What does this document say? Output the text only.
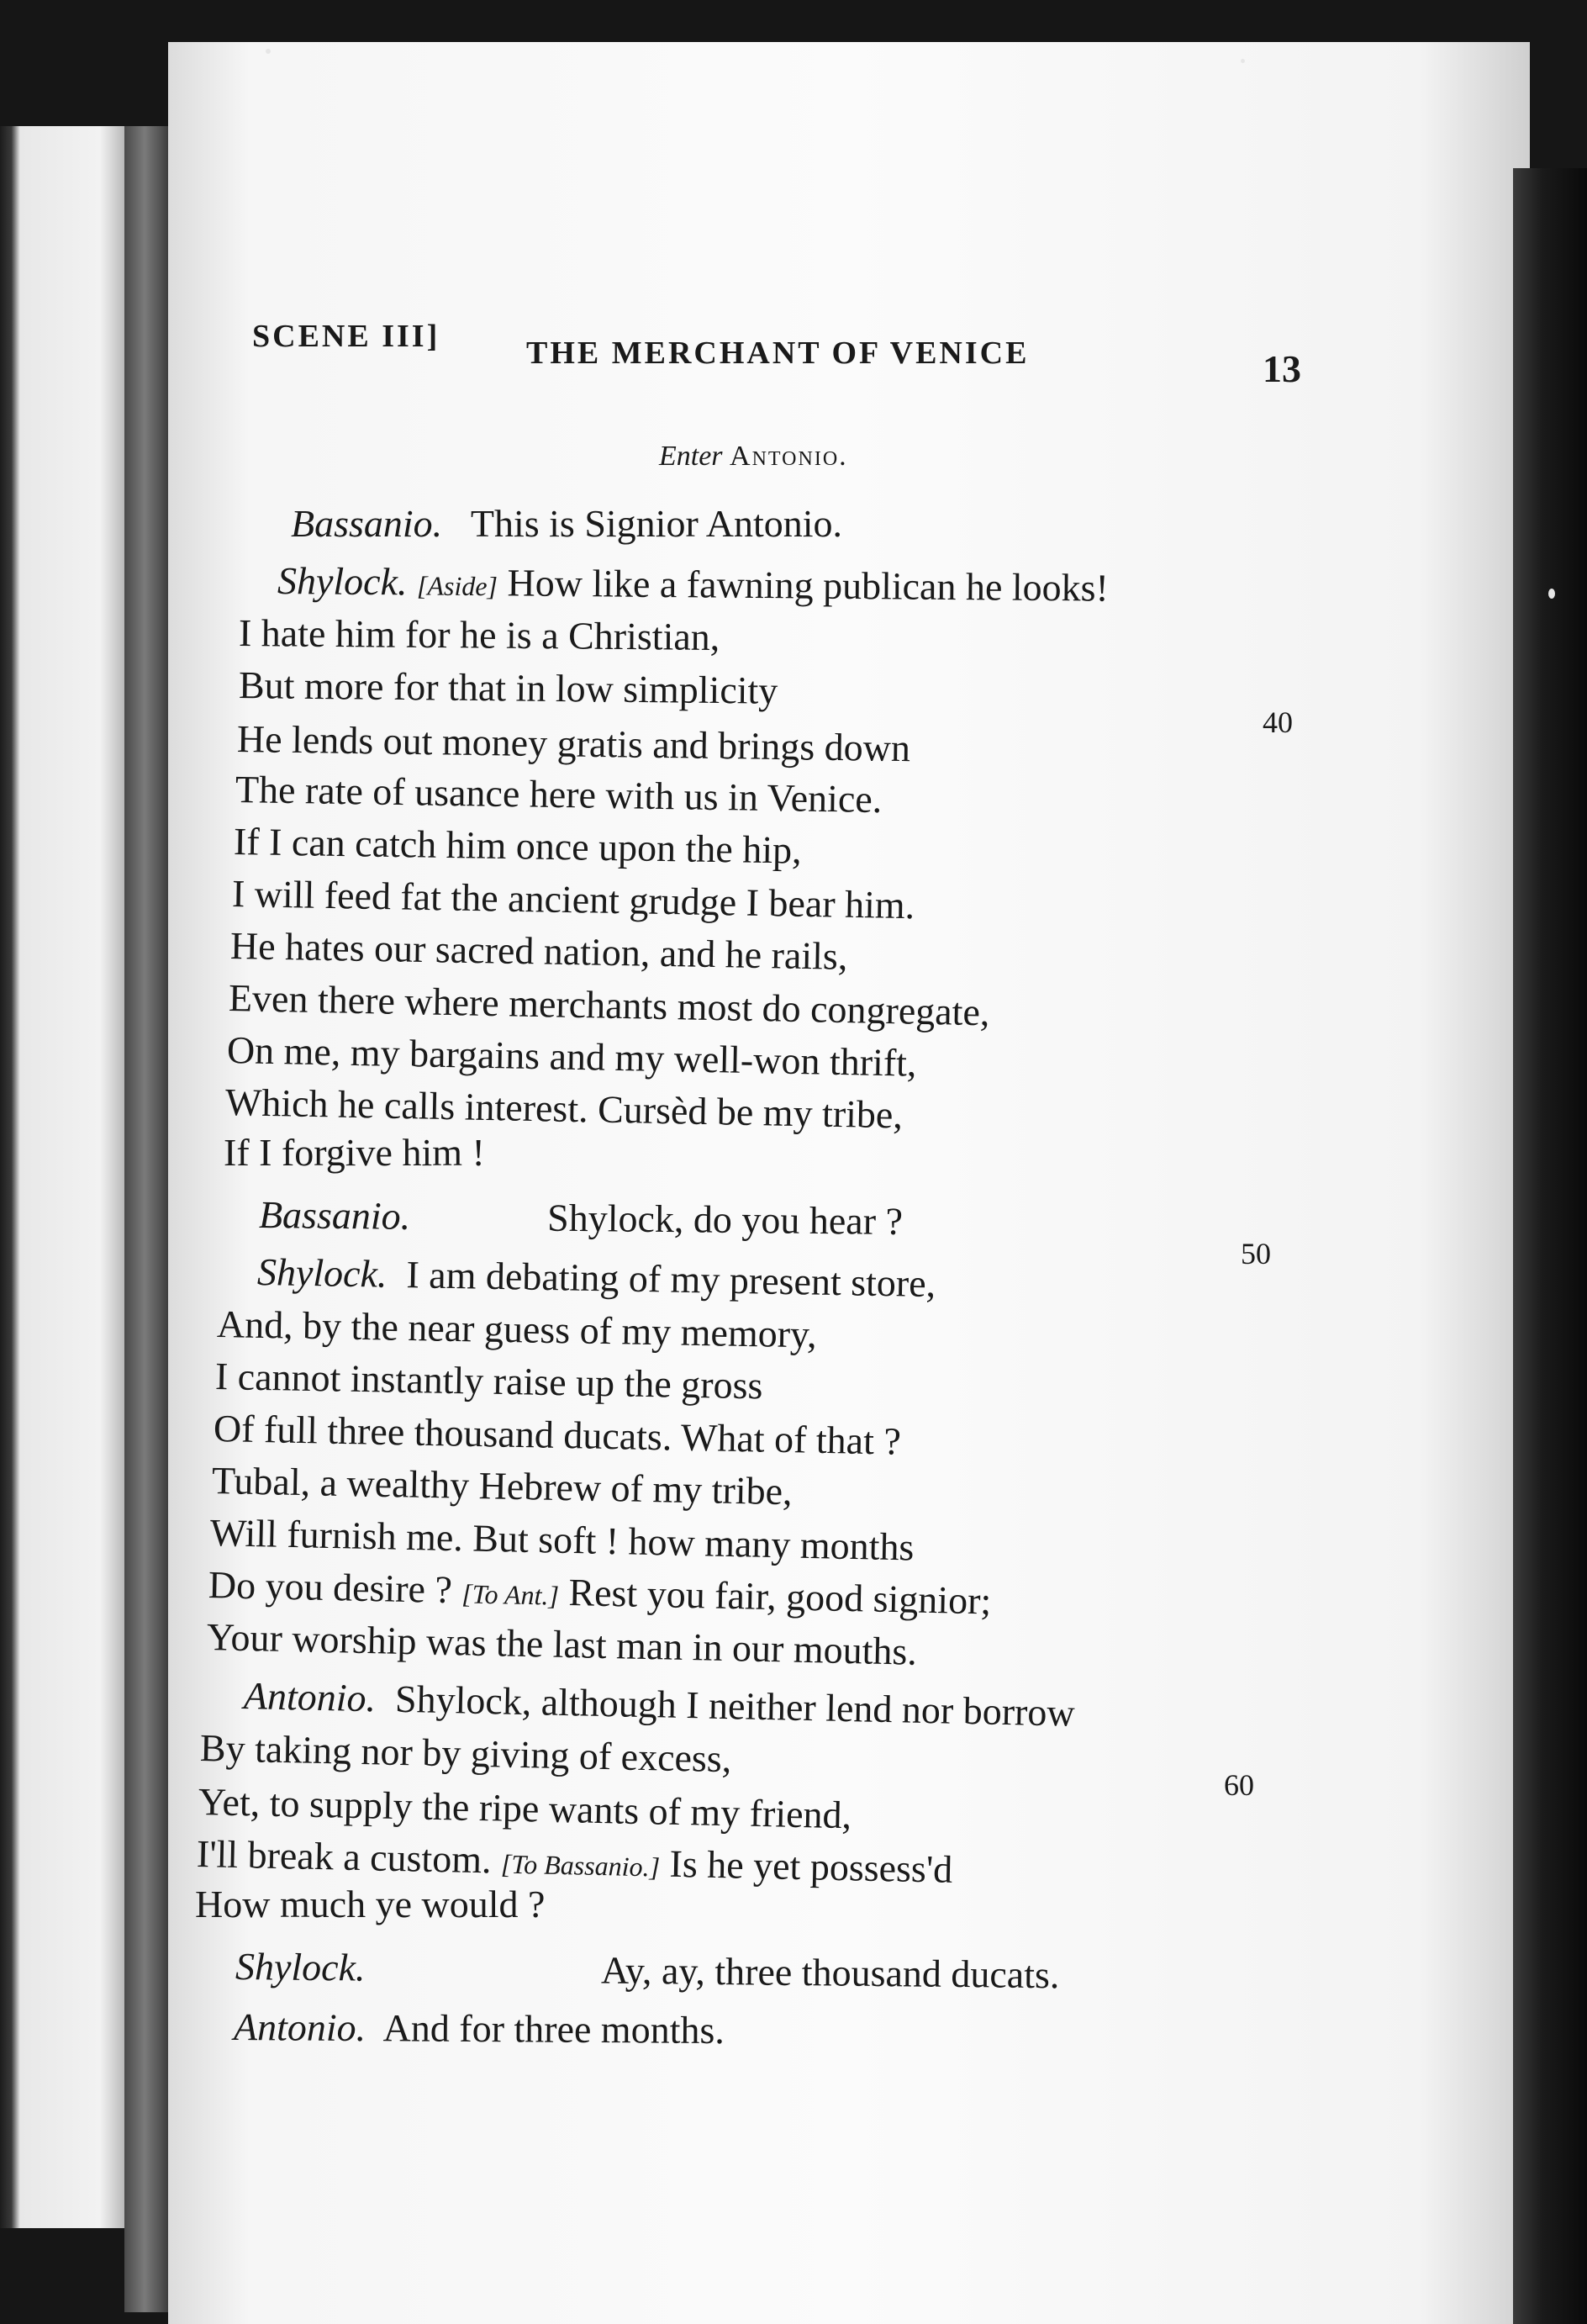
SCENE III]	THE MERCHANT OF VENICE	13
Enter Antonio.
Bassanio. This is Signior Antonio.
Shylock. [Aside] How like a fawning publican he looks!
I hate him for he is a Christian,
But more for that in low simplicity
40
He lends out money gratis and brings down
The rate of usance here with us in Venice.
If I can catch him once upon the hip,
I will feed fat the ancient grudge I bear him.
He hates our sacred nation, and he rails,
Even there where merchants most do congregate,
On me, my bargains and my well-won thrift,
Which he calls interest. Cursèd be my tribe,
If I forgive him !
Bassanio.	Shylock, do you hear ?
50
Shylock. I am debating of my present store,
And, by the near guess of my memory,
I cannot instantly raise up the gross
Of full three thousand ducats. What of that ?
Tubal, a wealthy Hebrew of my tribe,
Will furnish me. But soft ! how many months
Do you desire ? [To Ant.] Rest you fair, good signior;
Your worship was the last man in our mouths.
Antonio. Shylock, although I neither lend nor borrow
By taking nor by giving of excess,
60
Yet, to supply the ripe wants of my friend,
I'll break a custom. [To Bassanio.] Is he yet possess'd
How much ye would ?
Shylock.	Ay, ay, three thousand ducats.
Antonio. And for three months.
